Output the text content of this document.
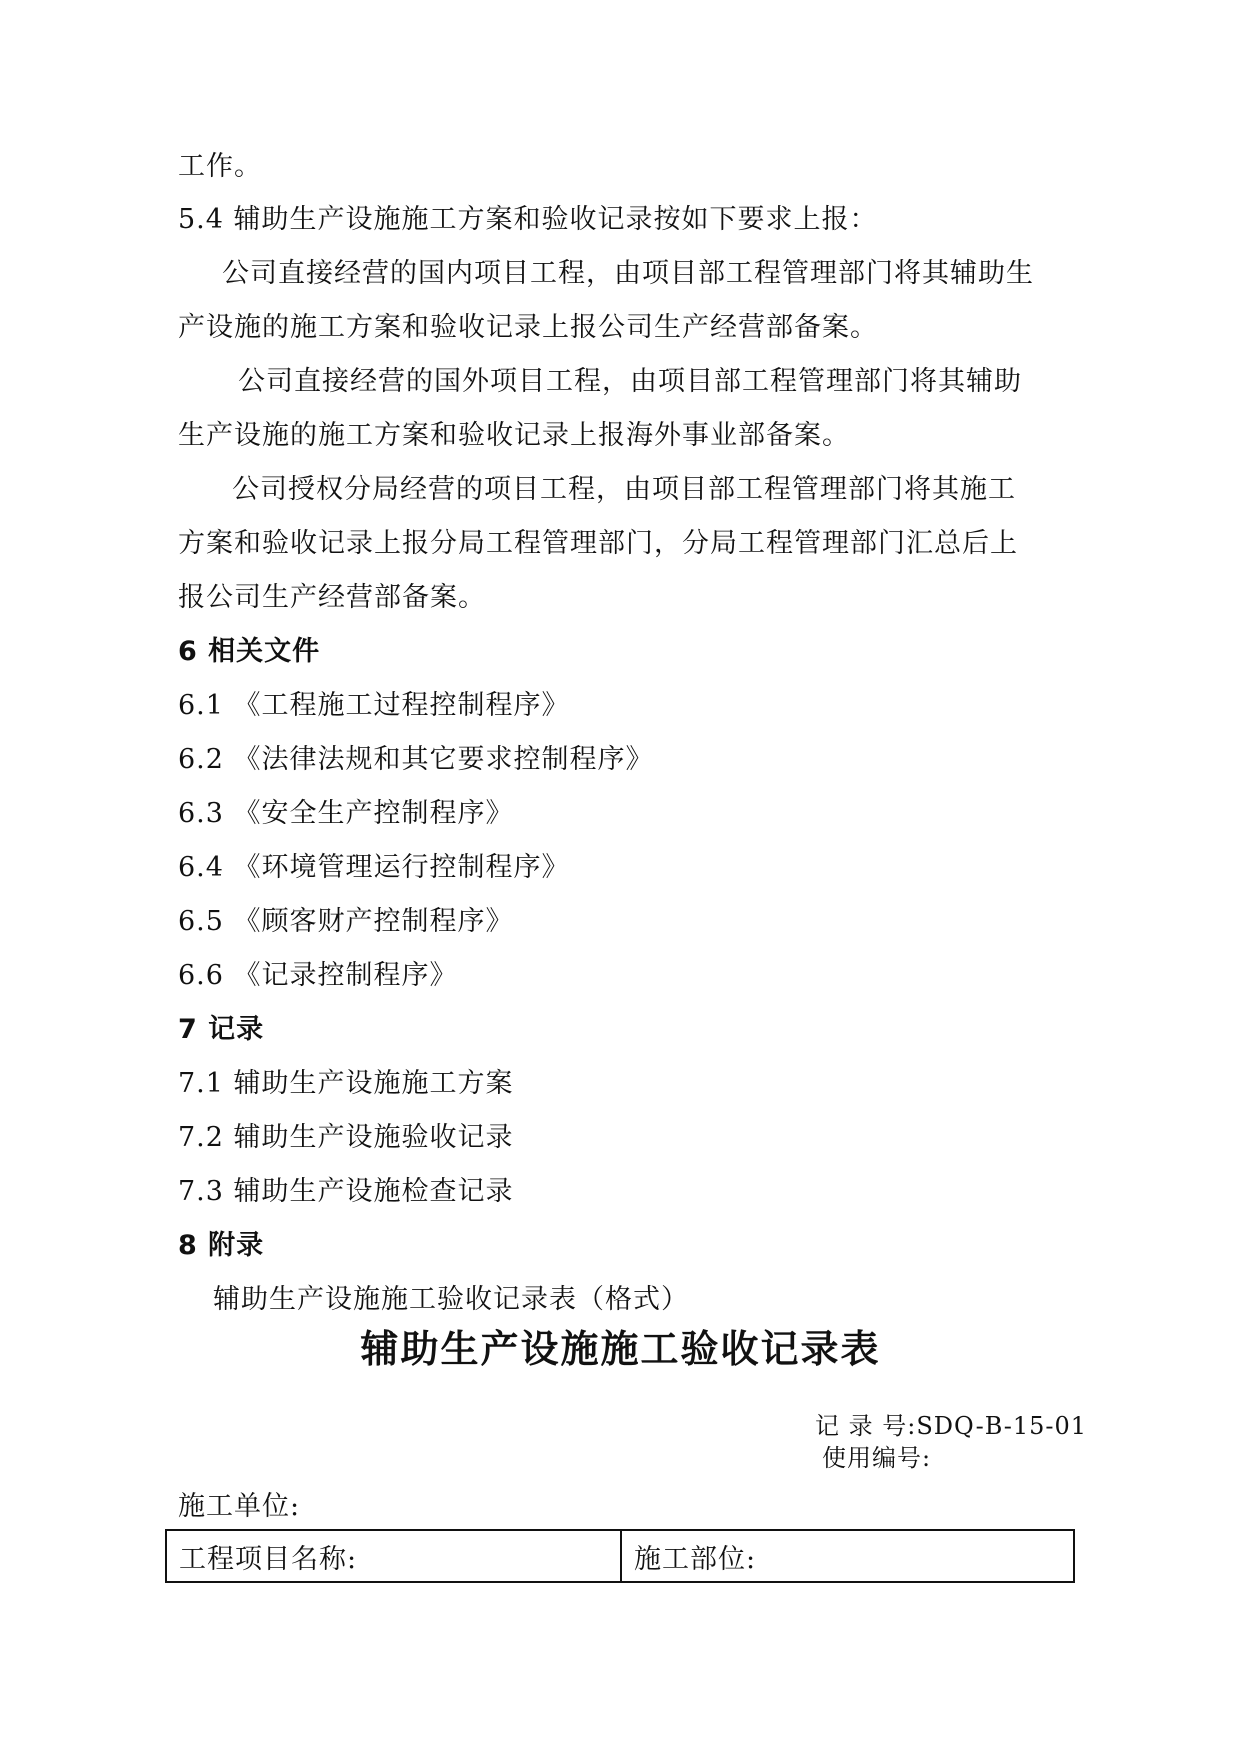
工作。

5.4 辅助生产设施施工方案和验收记录按如下要求上报：

公司直接经营的国内项目工程，由项目部工程管理部门将其辅助生

产设施的施工方案和验收记录上报公司生产经营部备案。

公司直接经营的国外项目工程，由项目部工程管理部门将其辅助

生产设施的施工方案和验收记录上报海外事业部备案。

公司授权分局经营的项目工程，由项目部工程管理部门将其施工

方案和验收记录上报分局工程管理部门，分局工程管理部门汇总后上

报公司生产经营部备案。

6 相关文件

6.1 《工程施工过程控制程序》

6.2 《法律法规和其它要求控制程序》

6.3 《安全生产控制程序》

6.4 《环境管理运行控制程序》

6.5 《顾客财产控制程序》

6.6 《记录控制程序》

7 记录

7.1 辅助生产设施施工方案

7.2 辅助生产设施验收记录

7.3 辅助生产设施检查记录

8 附录

辅助生产设施施工验收记录表（格式）

辅助生产设施施工验收记录表

记 录 号:SDQ-B-15-01

使用编号:

施工单位:

工程项目名称:	施工部位:
